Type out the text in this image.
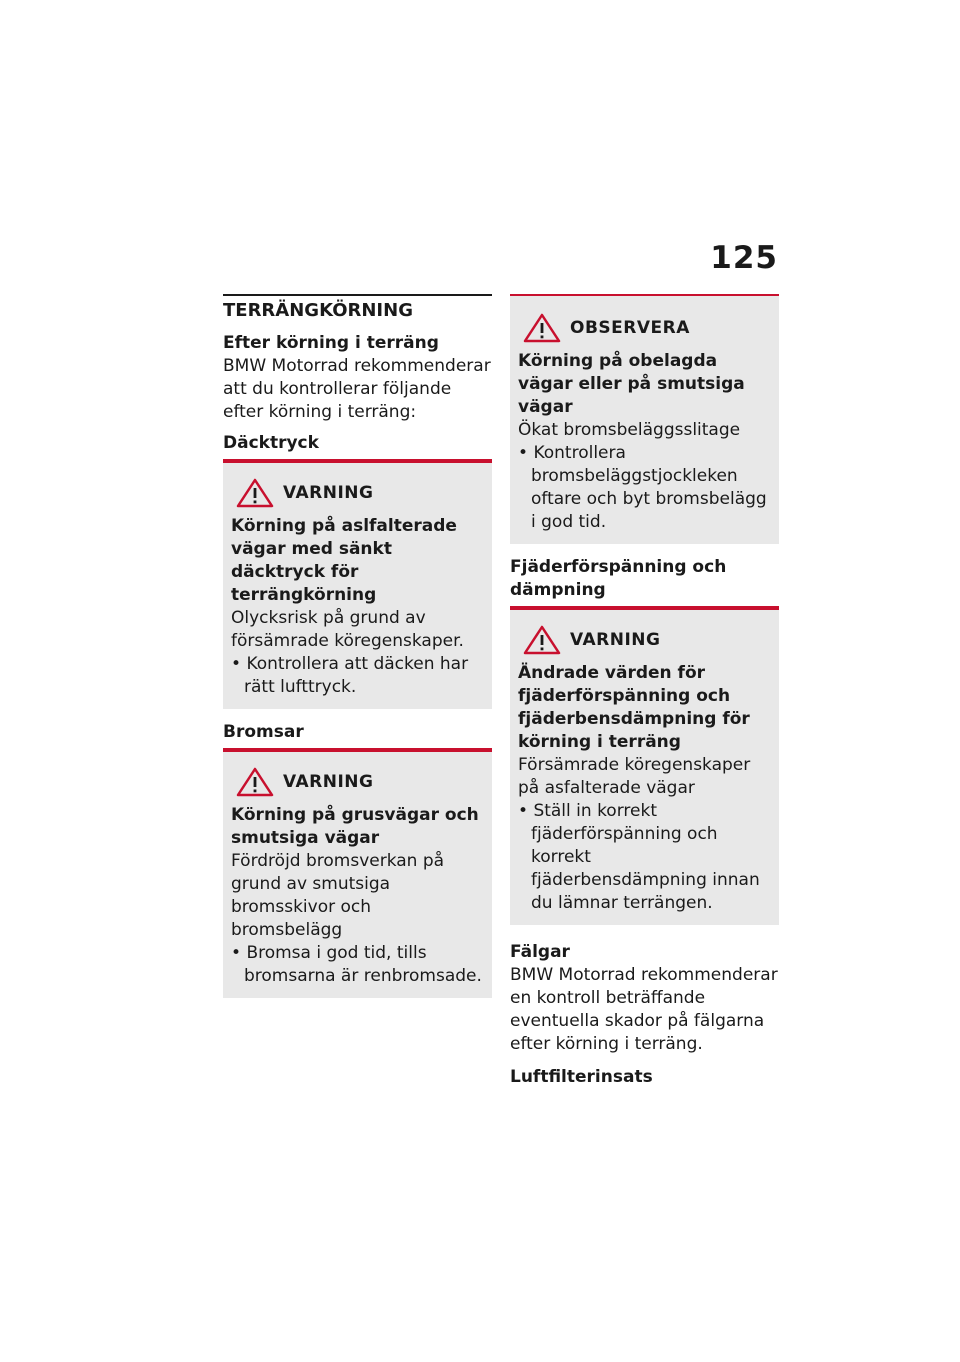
125
TERRÄNGKÖRNING
Efter körning i terräng

BMW Motorrad rekommenderar att du kontrollerar följande efter körning i terräng:

Däcktryck
VARNING

Körning på aslfalterade vägar med sänkt däcktryck för terrängkörning

Olycksrisk på grund av försämrade köregenskaper.

• Kontrollera att däcken har rätt lufttryck.

Bromsar
VARNING

Körning på grusvägar och smutsiga vägar

Fördröjd bromsverkan på grund av smutsiga bromsskivor och bromsbelägg

• Bromsa i god tid, tills bromsarna är renbromsade.

OBSERVERA

Körning på obelagda vägar eller på smutsiga vägar

Ökat bromsbeläggsslitage

• Kontrollera bromsbeläggstjockleken oftare och byt bromsbelägg i god tid.

Fjäderförspänning och dämpning
VARNING

Ändrade värden för fjäderförspänning och fjäderbensdämpning för körning i terräng

Försämrade köregenskaper på asfalterade vägar

• Ställ in korrekt fjäderförspänning och korrekt fjäderbensdämpning innan du lämnar terrängen.

Fälgar

BMW Motorrad rekommenderar en kontroll beträffande eventuella skador på fälgarna efter körning i terräng.

Luftfilterinsats
